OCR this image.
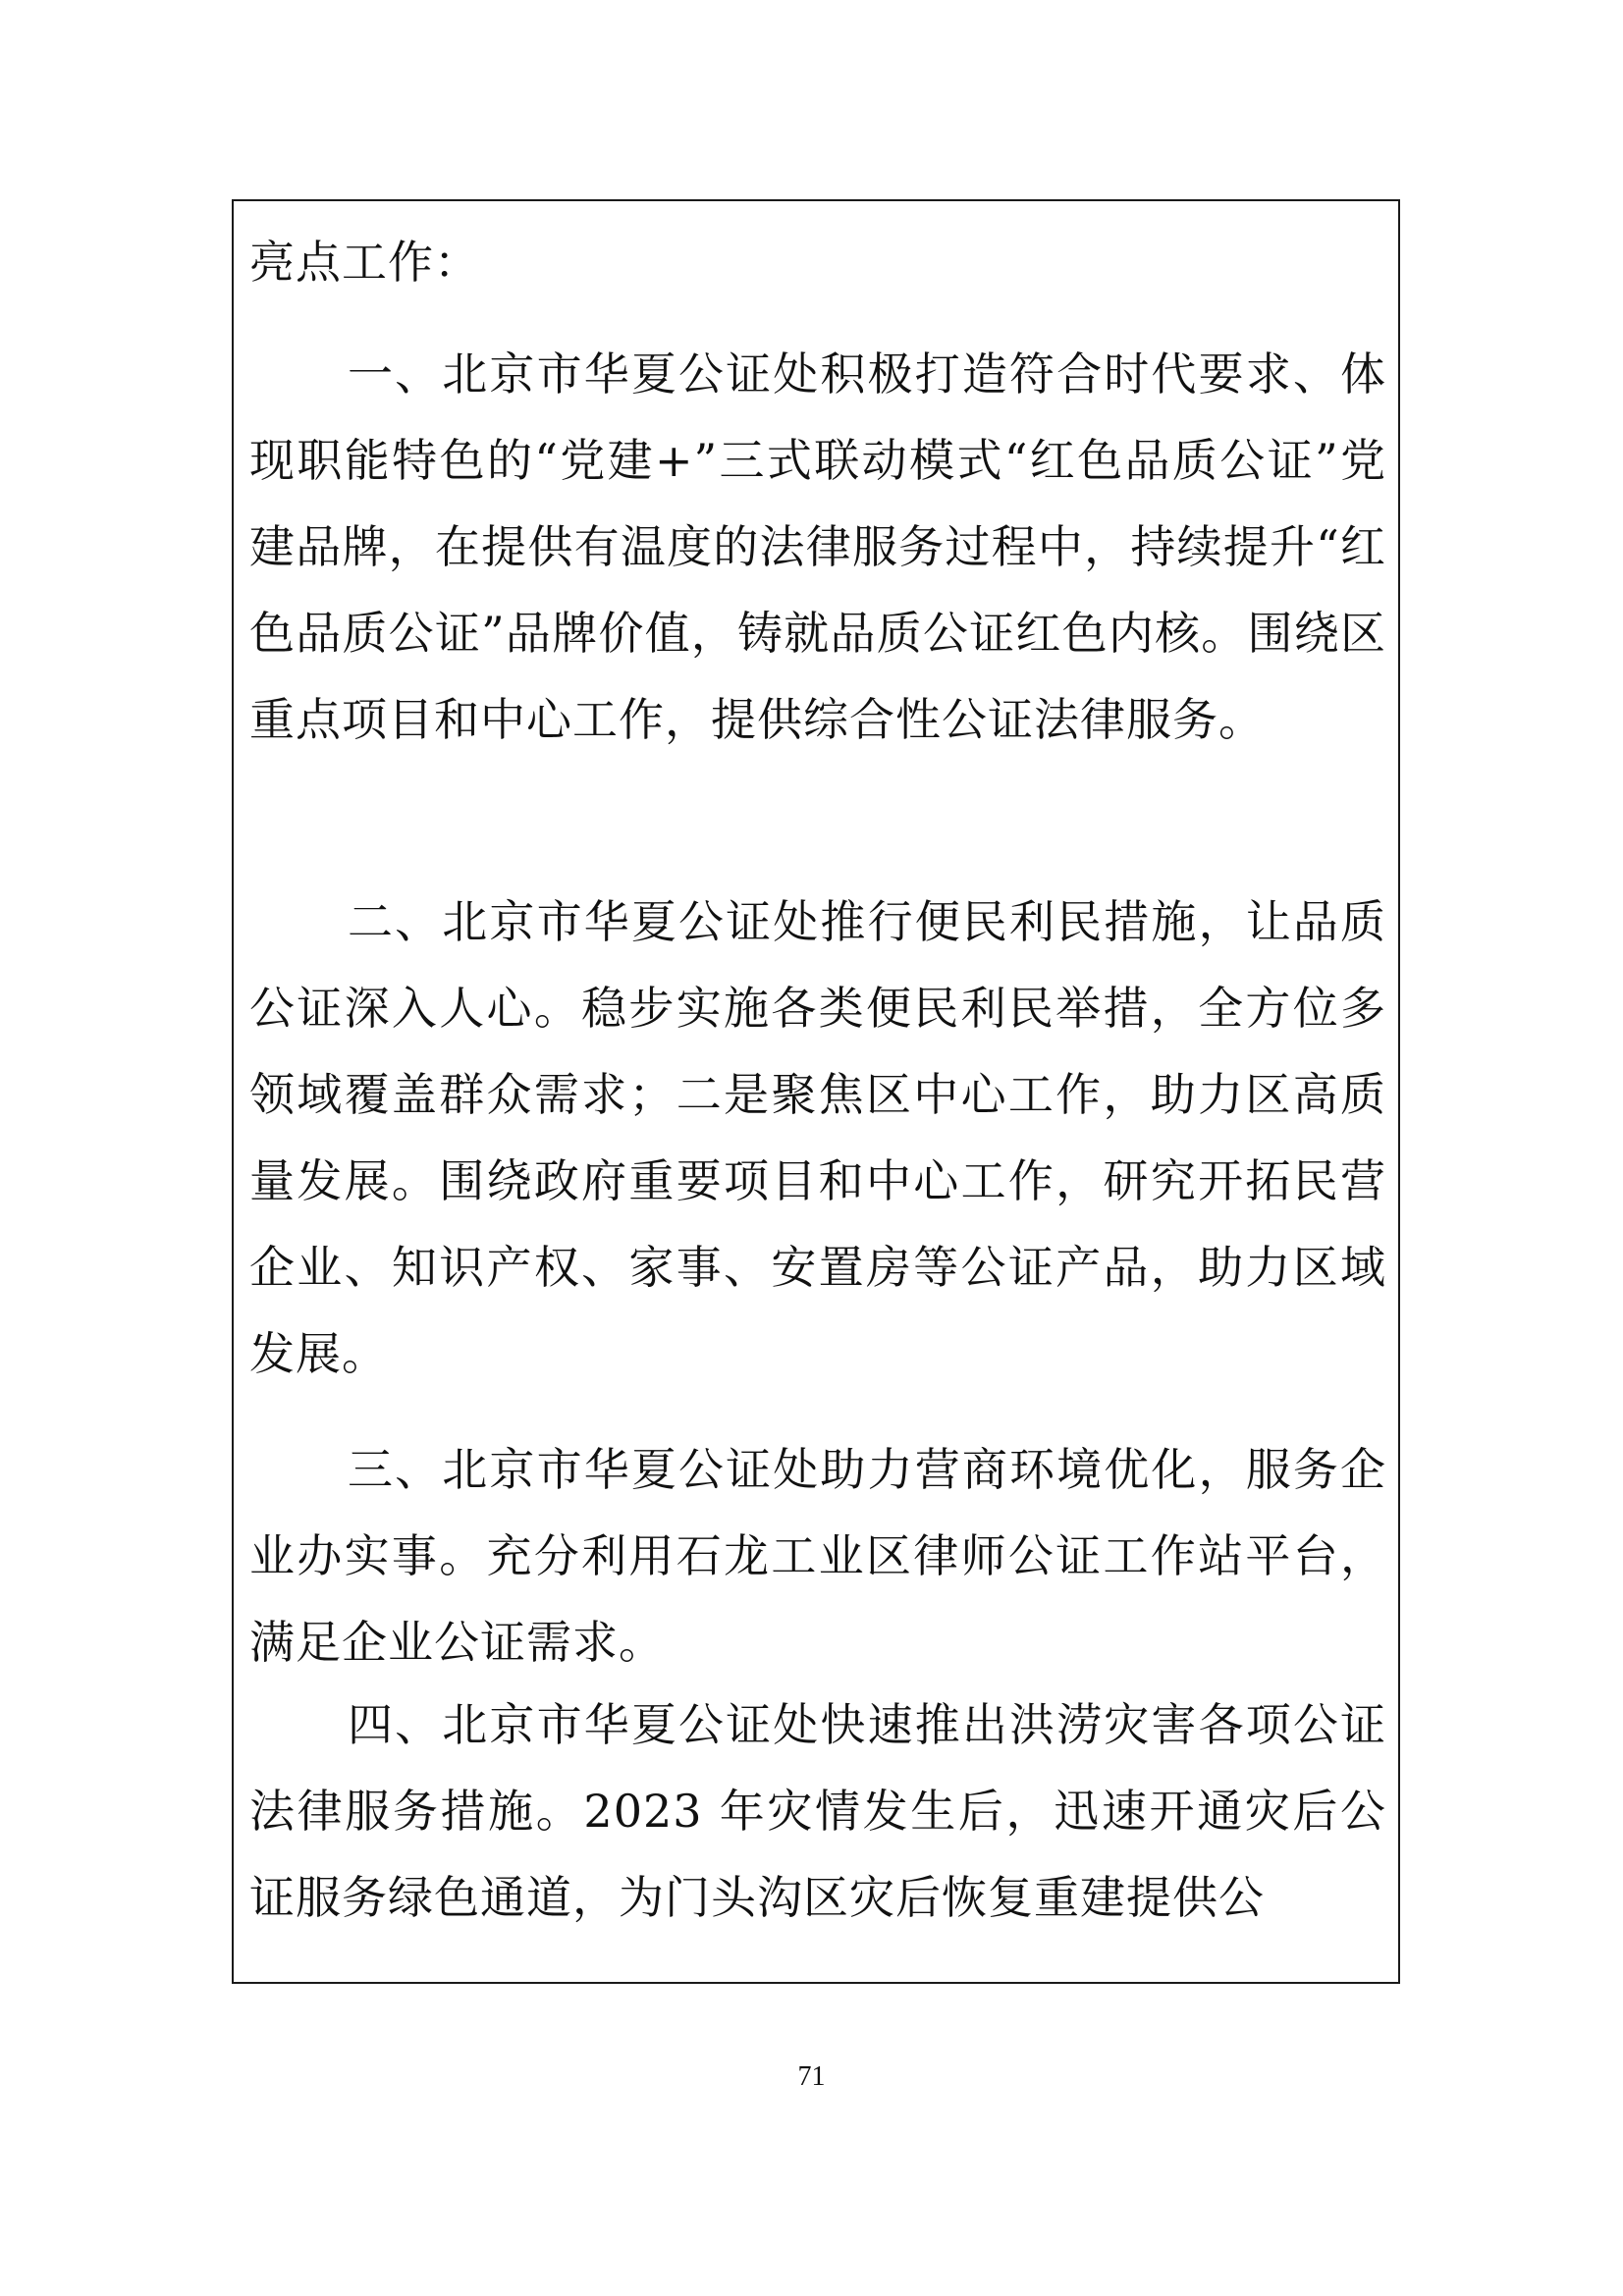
亮点工作：

一、北京市华夏公证处积极打造符合时代要求、体现职能特色的“党建+”三式联动模式“红色品质公证”党建品牌，在提供有温度的法律服务过程中，持续提升“红色品质公证”品牌价值，铸就品质公证红色内核。围绕区重点项目和中心工作，提供综合性公证法律服务。

二、北京市华夏公证处推行便民利民措施，让品质公证深入人心。稳步实施各类便民利民举措，全方位多领域覆盖群众需求；二是聚焦区中心工作，助力区高质量发展。围绕政府重要项目和中心工作，研究开拓民营企业、知识产权、家事、安置房等公证产品，助力区域发展。

三、北京市华夏公证处助力营商环境优化，服务企业办实事。充分利用石龙工业区律师公证工作站平台，满足企业公证需求。

四、北京市华夏公证处快速推出洪涝灾害各项公证法律服务措施。2023 年灾情发生后，迅速开通灾后公证服务绿色通道，为门头沟区灾后恢复重建提供公

71
